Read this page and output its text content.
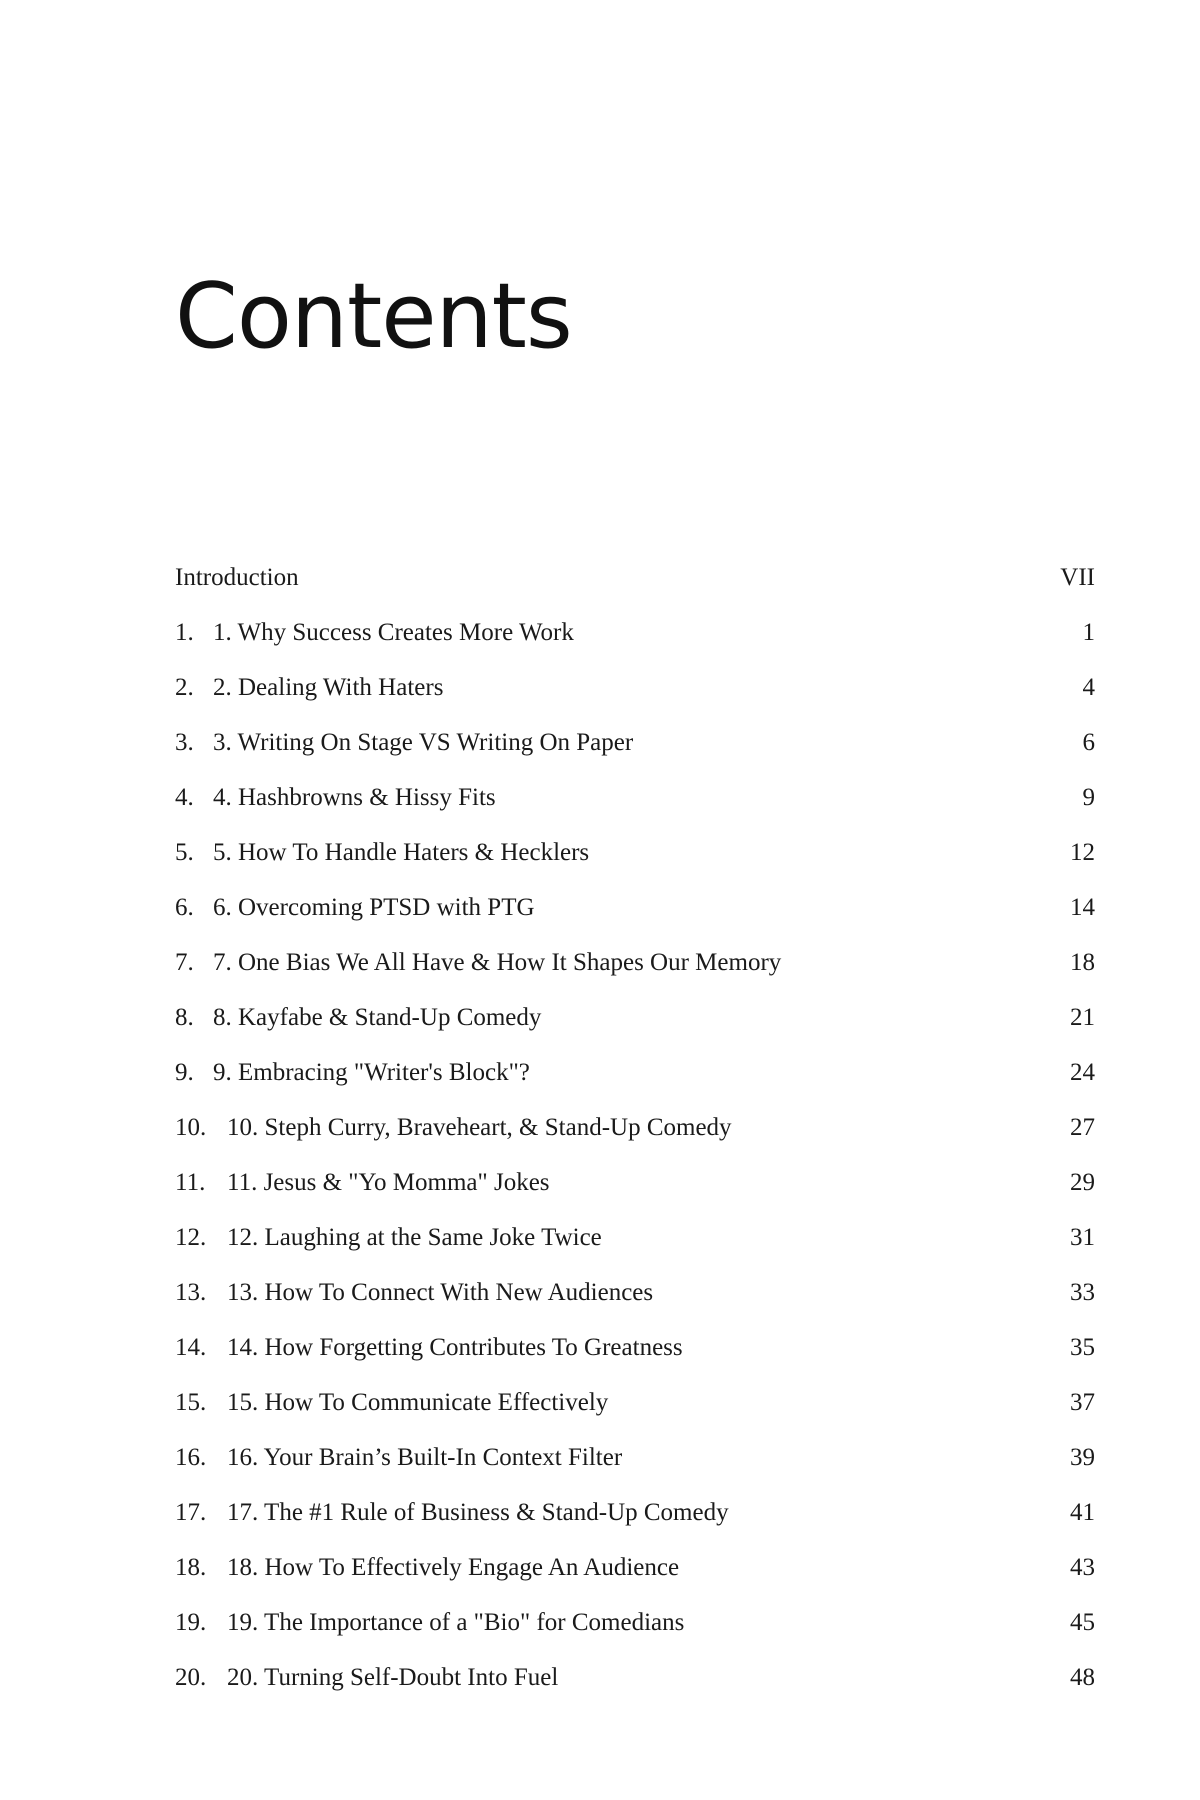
Contents
Introduction	VII
1. 1. Why Success Creates More Work	1
2. 2. Dealing With Haters	4
3. 3. Writing On Stage VS Writing On Paper	6
4. 4. Hashbrowns & Hissy Fits	9
5. 5. How To Handle Haters & Hecklers	12
6. 6. Overcoming PTSD with PTG	14
7. 7. One Bias We All Have & How It Shapes Our Memory	18
8. 8. Kayfabe & Stand-Up Comedy	21
9. 9. Embracing "Writer's Block"?	24
10. 10. Steph Curry, Braveheart, & Stand-Up Comedy	27
11. 11. Jesus & "Yo Momma" Jokes	29
12. 12. Laughing at the Same Joke Twice	31
13. 13. How To Connect With New Audiences	33
14. 14. How Forgetting Contributes To Greatness	35
15. 15. How To Communicate Effectively	37
16. 16. Your Brain’s Built-In Context Filter	39
17. 17. The #1 Rule of Business & Stand-Up Comedy	41
18. 18. How To Effectively Engage An Audience	43
19. 19. The Importance of a "Bio" for Comedians	45
20. 20. Turning Self-Doubt Into Fuel	48
